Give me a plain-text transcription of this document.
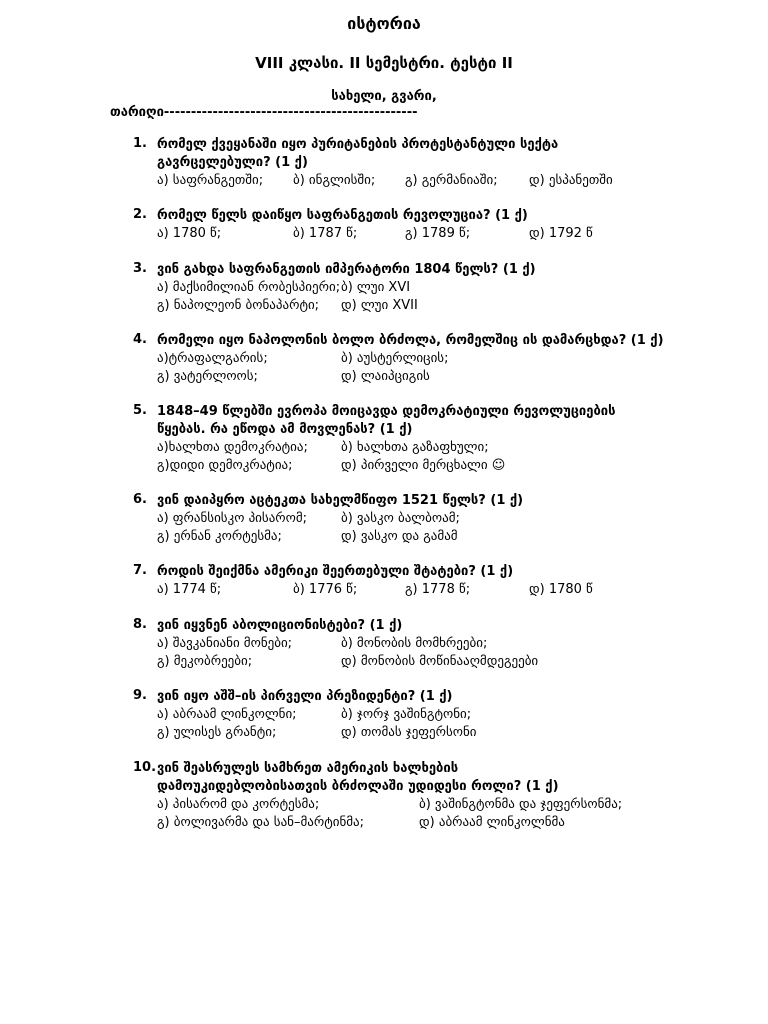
ისტორია
VIII კლასი. II სემესტრი. ტესტი II
სახელი, გვარი,
თარიღი-----------------------------------------------
1. რომელ ქვეყანაში იყო პურიტანების პროტესტანტული სექტა
გავრცელებული? (1 ქ)
ა) საფრანგეთში; ბ) ინგლისში; გ) გერმანიაში; დ) ესპანეთში
2. რომელ წელს დაიწყო საფრანგეთის რევოლუცია? (1 ქ)
ა) 1780 წ;	ბ) 1787 წ;	გ) 1789 წ;	დ) 1792 წ
3. ვინ გახდა საფრანგეთის იმპერატორი 1804 წელს? (1 ქ)
ა) მაქსიმილიან რობესპიერი; ბ) ლუი XVI
გ) ნაპოლეონ ბონაპარტი; დ) ლუი XVII
4. რომელი იყო ნაპოლონის ბოლო ბრძოლა, რომელშიც ის დამარცხდა? (1 ქ)
ა)ტრაფალგარის;	ბ) აუსტერლიცის;
გ) ვატერლოოს;	დ) ლაიპციგის
5. 1848–49 წლებში ევროპა მოიცავდა დემოკრატიული რევოლუციების
წყებას. რა ეწოდა ამ მოვლენას? (1 ქ)
ა)ხალხთა დემოკრატია;	ბ) ხალხთა გაზაფხული;
გ)დიდი დემოკრატია;	დ) პირველი მერცხალი ☺
6. ვინ დაიპყრო აცტეკთა სახელმწიფო 1521 წელს? (1 ქ)
ა) ფრანსისკო პისარომ;	ბ) ვასკო ბალბოამ;
გ) ერნან კორტესმა;	დ) ვასკო და გამამ
7. როდის შეიქმნა ამერიკი შეერთებული შტატები? (1 ქ)
ა) 1774 წ;	ბ) 1776 წ;	გ) 1778 წ;	დ) 1780 წ
8. ვინ იყვნენ აბოლიციონისტები? (1 ქ)
ა) შავკანიანი მონები;	ბ) მონობის მომხრეები;
გ) მეკობრეები;	დ) მონობის მოწინააღმდეგეები
9. ვინ იყო აშშ–ის პირველი პრეზიდენტი? (1 ქ)
ა) აბრაამ ლინკოლნი;	ბ) ჯორჯ ვაშინგტონი;
გ) ულისეს გრანტი;	დ) თომას ჯეფერსონი
10. ვინ შეასრულეს სამხრეთ ამერიკის ხალხების
დამოუკიდებლობისათვის ბრძოლაში უდიდესი როლი? (1 ქ)
ა) პისარომ და კორტესმა;	ბ) ვაშინგტონმა და ჯეფერსონმა;
გ) ბოლივარმა და სან–მარტინმა;	დ) აბრაამ ლინკოლნმა
